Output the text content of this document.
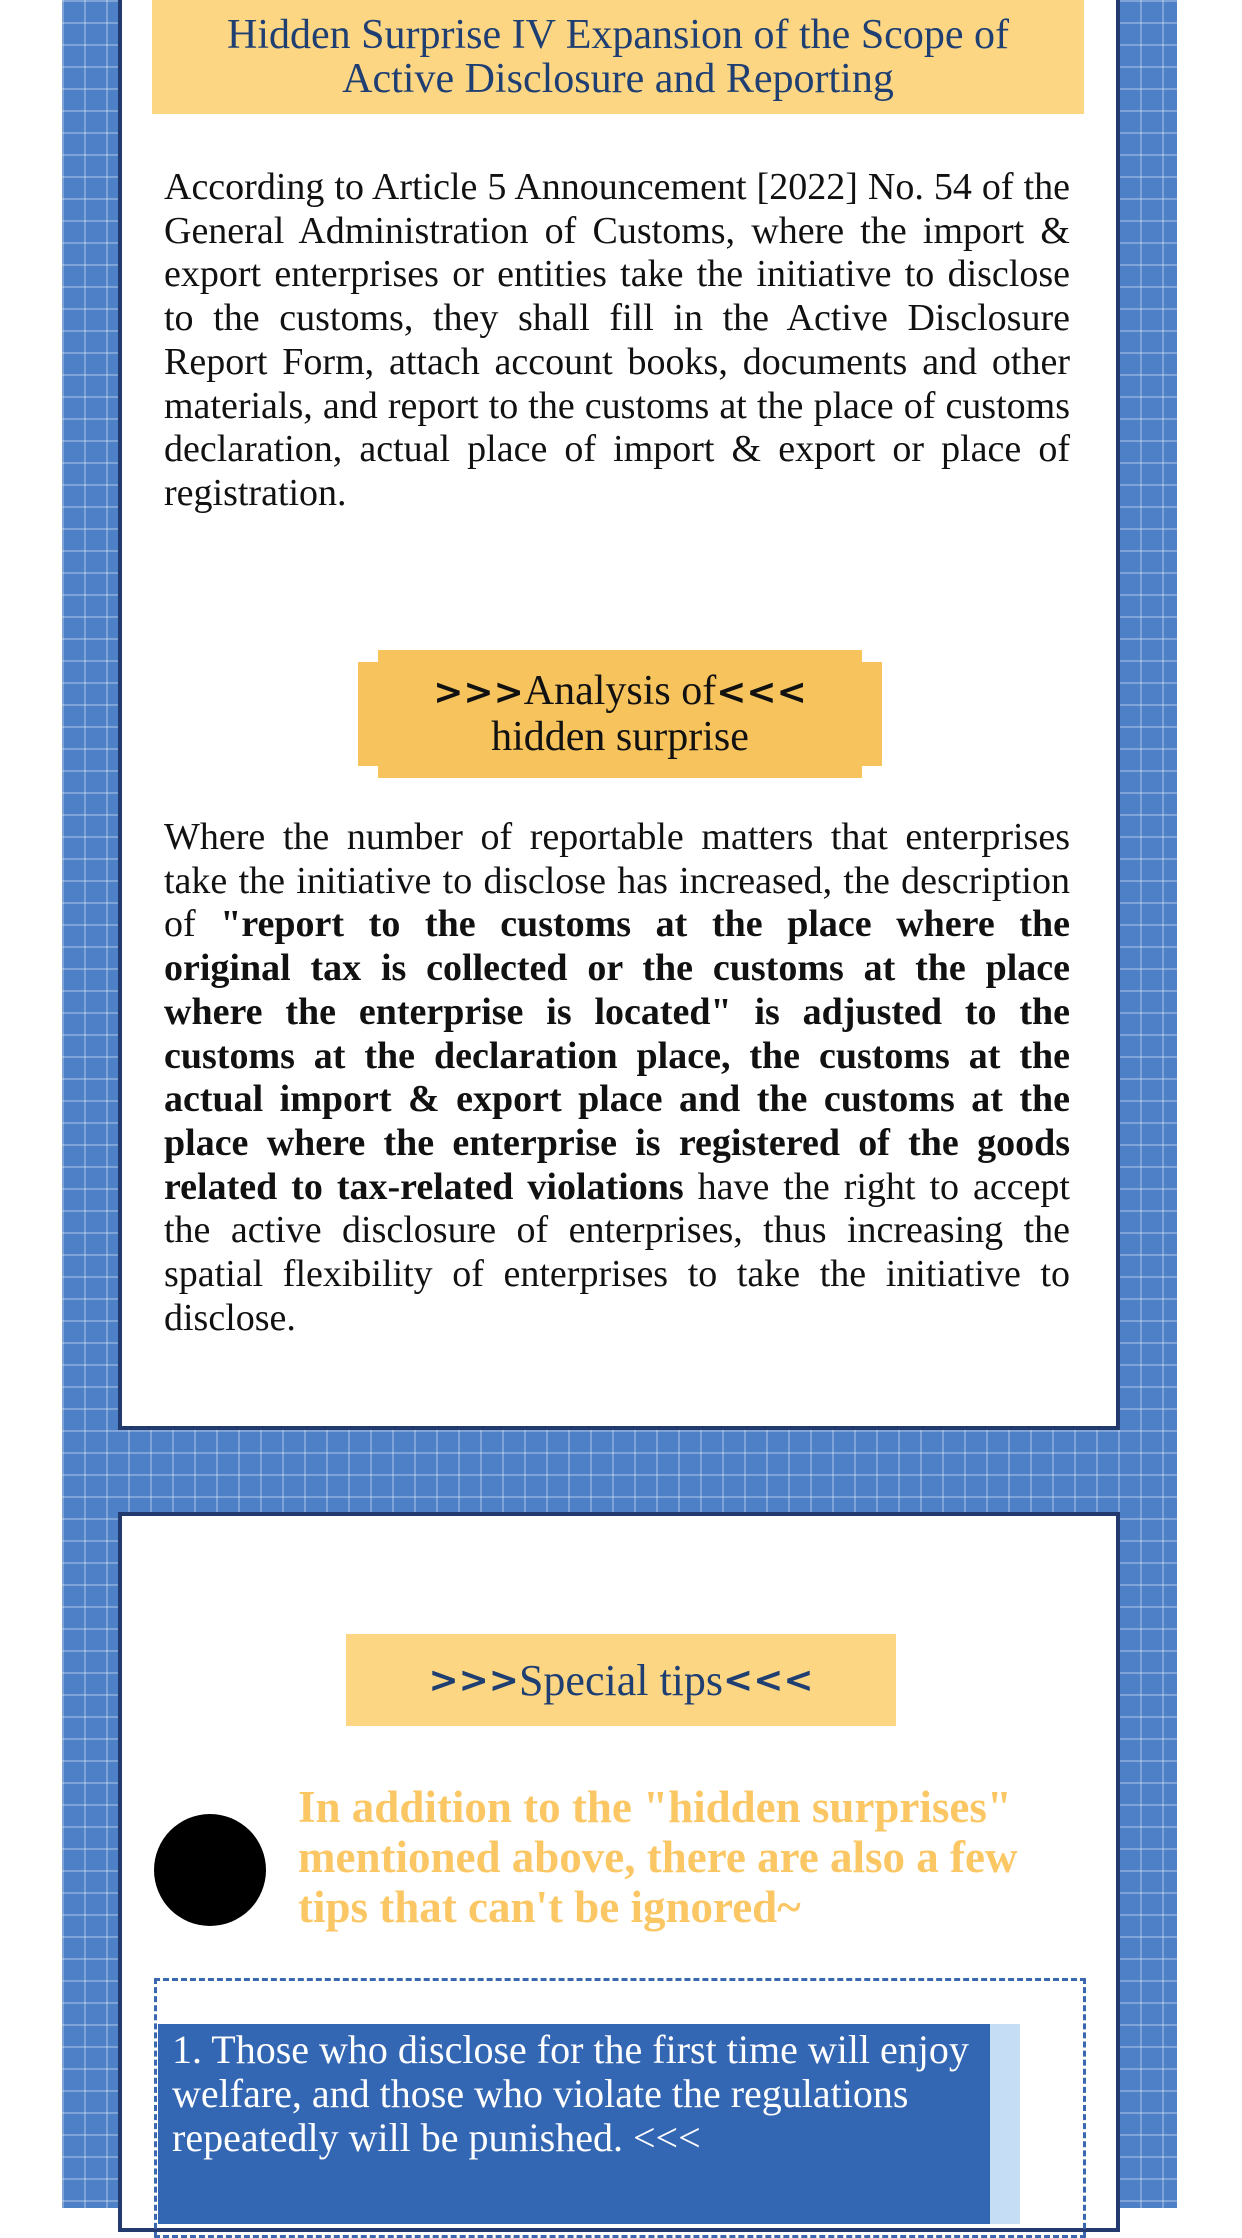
Hidden Surprise IV Expansion of the Scope of
Active Disclosure and Reporting
According to Article 5 Announcement [2022] No. 54 of the General Administration of Customs, where the import & export enterprises or entities take the initiative to disclose to the customs, they shall fill in the Active Disclosure Report Form, attach account books, documents and other materials, and report to the customs at the place of customs declaration, actual place of import & export or place of registration.
>>>Analysis of<<<
hidden surprise
Where the number of reportable matters that enterprises take the initiative to disclose has increased, the description of "report to the customs at the place where the original tax is collected or the customs at the place where the enterprise is located" is adjusted to the customs at the declaration place, the customs at the actual import & export place and the customs at the place where the enterprise is registered of the goods related to tax-related violations have the right to accept the active disclosure of enterprises, thus increasing the spatial flexibility of enterprises to take the initiative to disclose.
>>> Special tips <<<
In addition to the "hidden surprises" mentioned above, there are also a few tips that can't be ignored~
1. Those who disclose for the first time will enjoy welfare, and those who violate the regulations repeatedly will be punished. <<<
